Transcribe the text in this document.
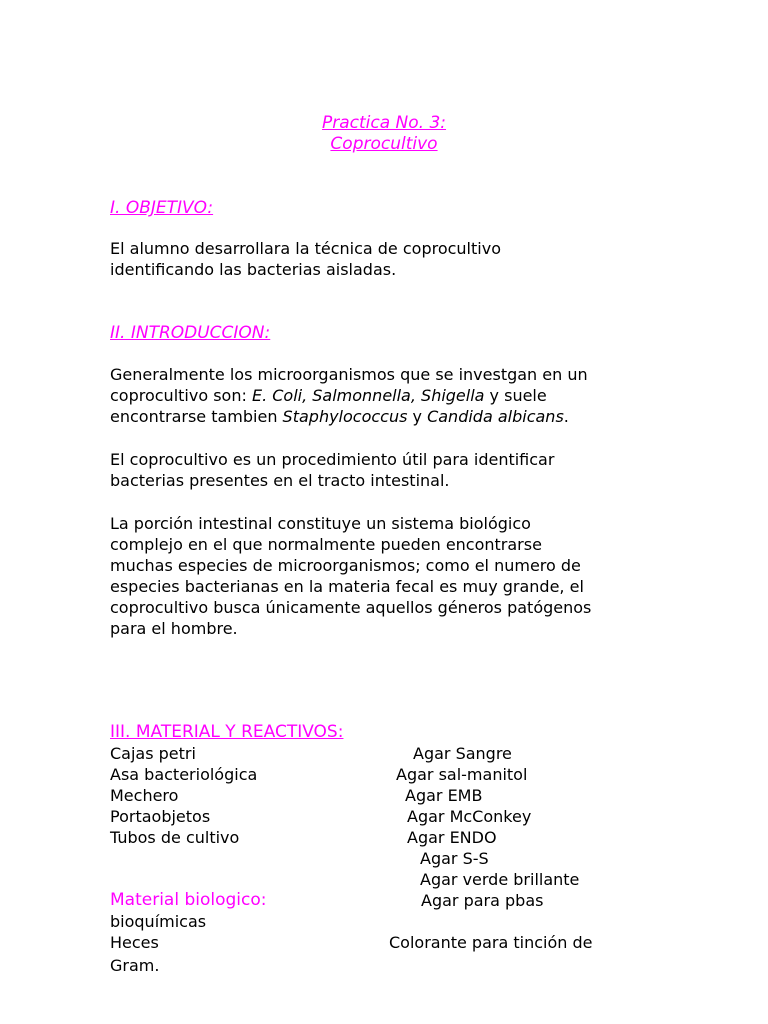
Practica No. 3:
Coprocultivo
I. OBJETIVO:
El alumno desarrollara la técnica de coprocultivo
identificando las bacterias aisladas.
II. INTRODUCCION:
Generalmente los microorganismos que se investgan en un
coprocultivo son: E. Coli, Salmonnella, Shigella y suele
encontrarse tambien Staphylococcus y Candida albicans.
El coprocultivo es un procedimiento útil para identificar
bacterias presentes en el tracto intestinal.
La porción intestinal constituye un sistema biológico
complejo en el que normalmente pueden encontrarse
muchas especies de microorganismos; como el numero de
especies bacterianas en la materia fecal es muy grande, el
coprocultivo busca únicamente aquellos géneros patógenos
para el hombre.
III. MATERIAL Y REACTIVOS:
Cajas petri
Asa bacteriológica
Mechero
Portaobjetos
Tubos de cultivo
Agar Sangre
Agar sal-manitol
Agar EMB
Agar McConkey
Agar ENDO
Agar S-S
Agar verde brillante
Agar para pbas
Material biologico:
bioquímicas
Heces	Colorante para tinción de
Gram.
